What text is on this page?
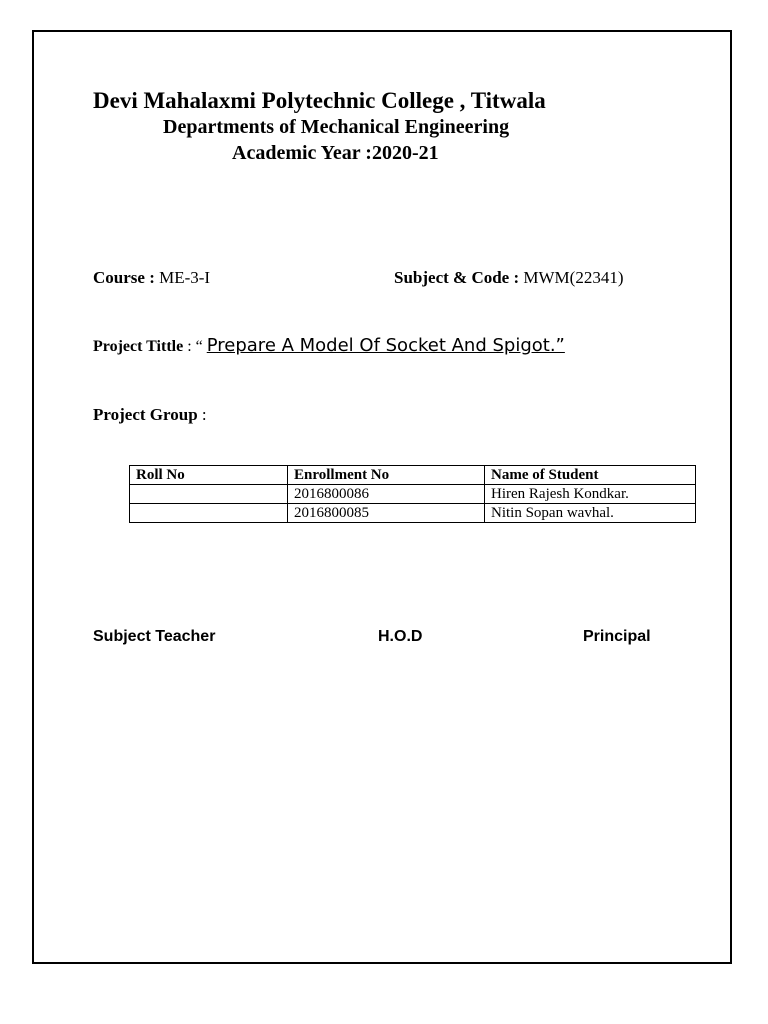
Devi Mahalaxmi Polytechnic College , Titwala
Departments of Mechanical Engineering
Academic Year :2020-21
Course : ME-3-I	Subject & Code : MWM(22341)
Project Tittle : “ Prepare A Model Of Socket And Spigot.”
Project Group :
Roll No	Enrollment No	Name of Student
	2016800086	Hiren Rajesh Kondkar.
	2016800085	Nitin Sopan wavhal.
Subject Teacher	H.O.D	Principal
